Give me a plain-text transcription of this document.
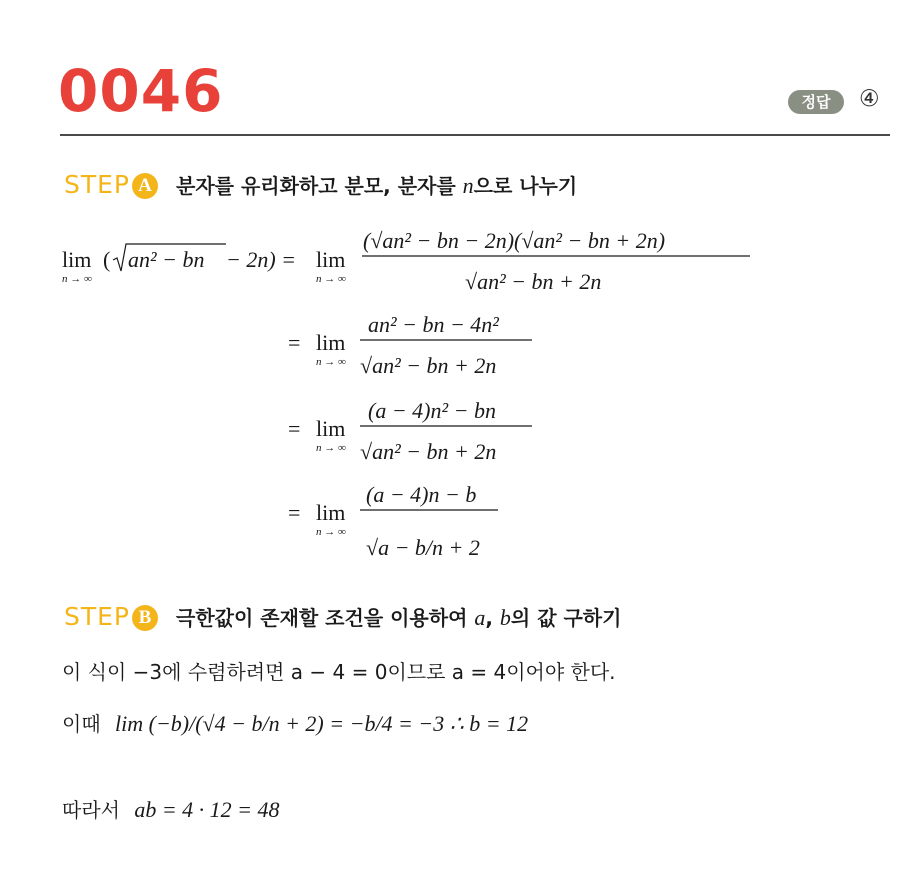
0046	정답	④
STEP A 분자를 유리화하고 분모, 분자를 n으로 나누기
lim
n → ∞
( an² − bn − 2n) = lim
n → ∞
(√an² − bn − 2n)(√an² − bn + 2n)
√an² − bn + 2n
= lim
n → ∞
an² − bn − 4n²
√an² − bn + 2n
= lim
n → ∞
(a − 4)n² − bn
√an² − bn + 2n
= lim
n → ∞
(a − 4)n − b
√a − b/n + 2
STEP B 극한값이 존재할 조건을 이용하여 a, b의 값 구하기
이 식이 −3에 수렴하려면 a − 4 = 0이므로 a = 4이어야 한다.
이때 lim (−b)/(√4 − b/n + 2) = −b/4 = −3 ∴ b = 12
따라서 ab = 4 · 12 = 48
